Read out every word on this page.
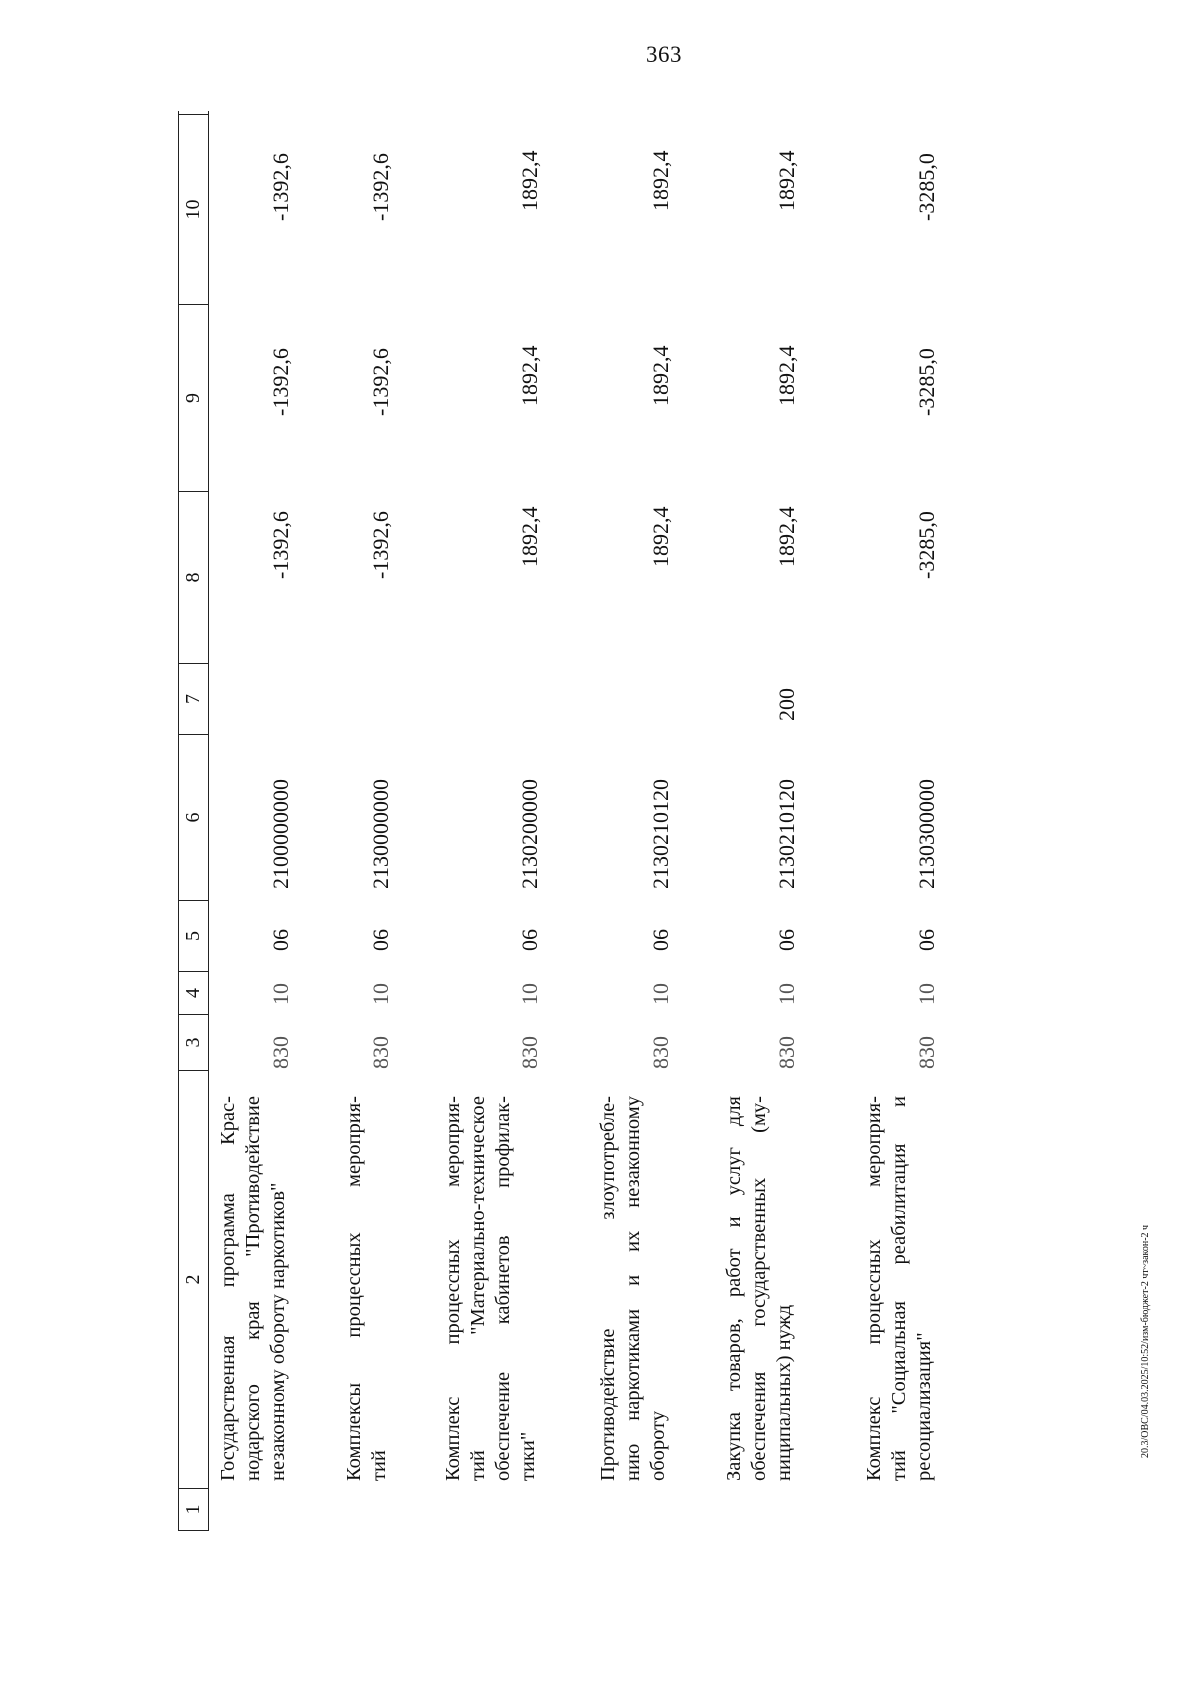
363
1
2
3
4
5
6
7
8
9
10
Государственная программа Крас- нодарского края "Противодействие незаконному обороту наркотиков"
830
10
06
2100000000
-1392,6
-1392,6
-1392,6
Комплексы процессных мероприя- тий
830
10
06
2130000000
-1392,6
-1392,6
-1392,6
Комплекс процессных мероприя- тий "Материально-техническое обеспечение кабинетов профилак- тики"
830
10
06
2130200000
1892,4
1892,4
1892,4
Противодействие злоупотребле- нию наркотиками и их незаконному обороту
830
10
06
2130210120
1892,4
1892,4
1892,4
Закупка товаров, работ и услуг для обеспечения государственных (му- ниципальных) нужд
830
10
06
2130210120
200
1892,4
1892,4
1892,4
Комплекс процессных мероприя- тий "Социальная реабилитация и ресоциализация"
830
10
06
2130300000
-3285,0
-3285,0
-3285,0
20.3/ОВС/04.03.2025/10:52/изм-бюджет-2 чт~закон-2 ч
